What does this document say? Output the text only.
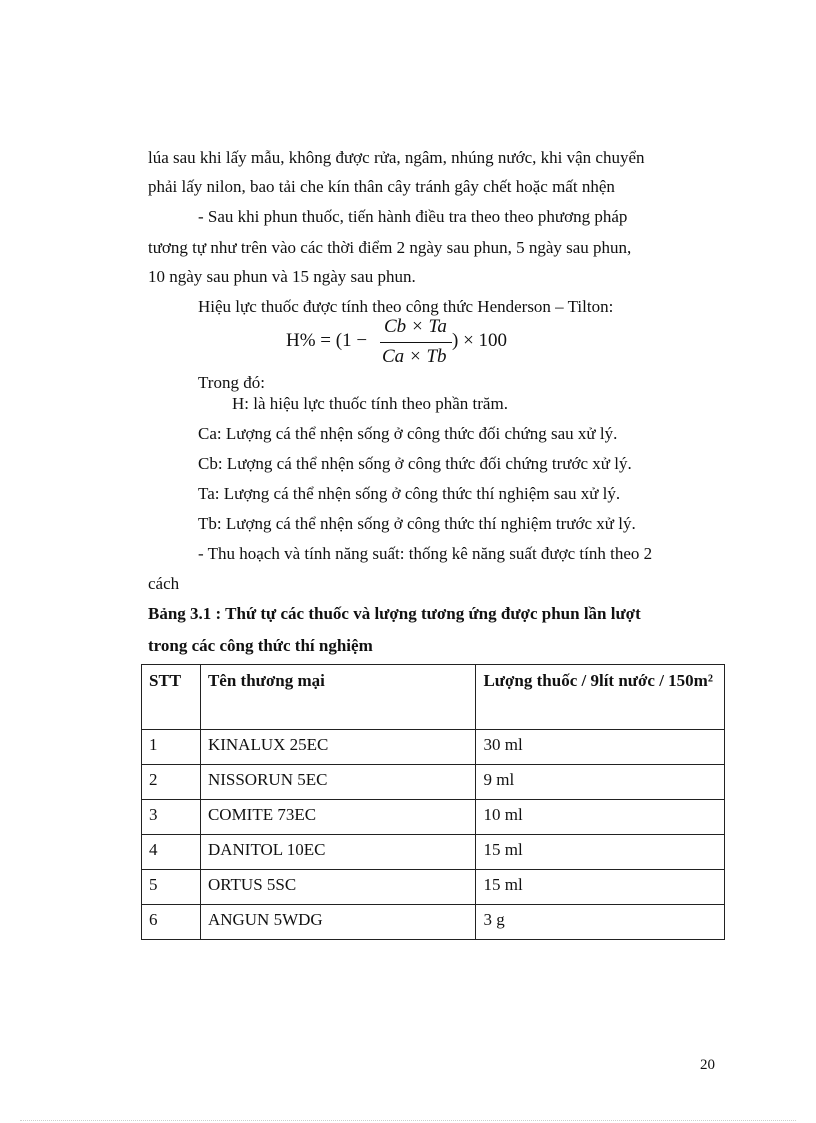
lúa sau khi lấy mẫu, không được rửa, ngâm, nhúng nước, khi vận chuyển
phải lấy nilon, bao tải che kín thân cây tránh gây chết hoặc mất nhện
- Sau khi phun thuốc, tiến hành điều tra theo theo phương pháp
tương tự như trên vào các thời điểm 2 ngày sau phun, 5 ngày sau phun,
10 ngày sau phun và 15 ngày sau phun.
Hiệu lực thuốc được tính theo công thức Henderson – Tilton:
H% = (1 −
Cb × Ta
Ca × Tb
) × 100
Trong đó:
H: là hiệu lực thuốc tính theo phần trăm.
Ca: Lượng cá thể nhện sống ở công thức đối chứng sau xử lý.
Cb: Lượng cá thể nhện sống ở công thức đối chứng trước xử lý.
Ta: Lượng cá thể nhện sống ở công thức thí nghiệm sau xử lý.
Tb: Lượng cá thể nhện sống ở công thức thí nghiệm trước xử lý.
- Thu hoạch và tính năng suất: thống kê năng suất được tính theo 2
cách
Bảng 3.1 : Thứ tự các thuốc và lượng tương ứng được phun lần lượt
trong các công thức thí nghiệm
STT	Tên thương mại	Lượng thuốc / 9lít nước / 150m²
1	KINALUX 25EC	30 ml
2	NISSORUN 5EC	9 ml
3	COMITE 73EC	10 ml
4	DANITOL 10EC	15 ml
5	ORTUS 5SC	15 ml
6	ANGUN 5WDG	3 g
20
